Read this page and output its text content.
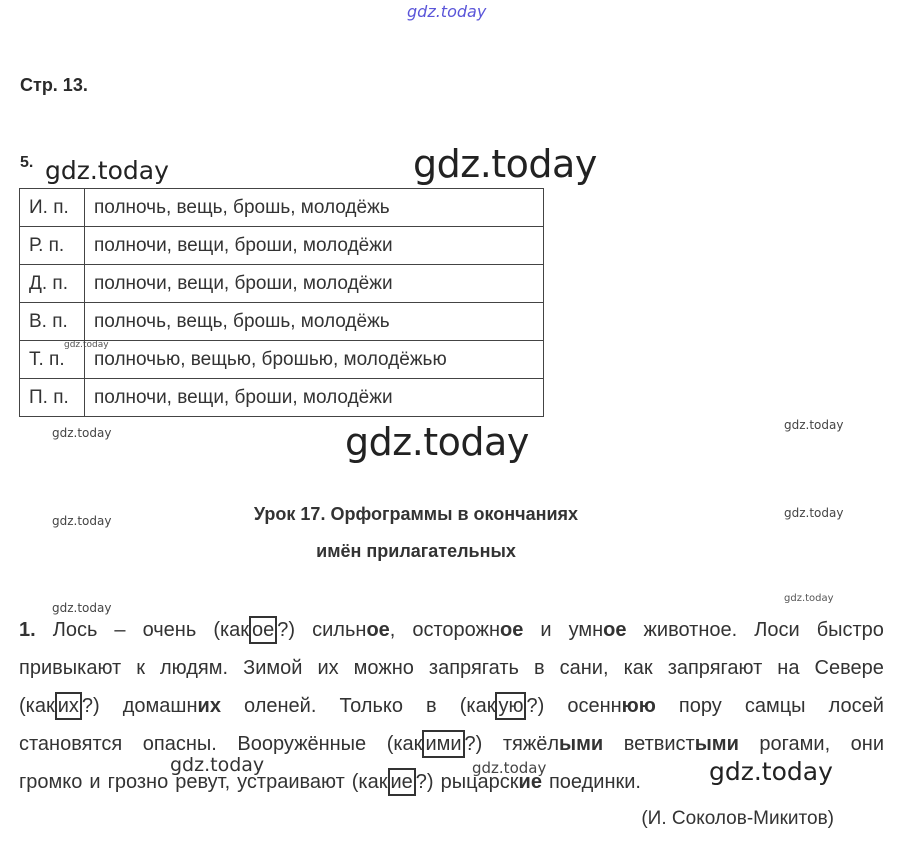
gdz.today
gdz.today	gdz.today
gdz.today
gdz.today
gdz.today	gdz.today
gdz.today
gdz.today
gdz.today
gdz.today
gdz.today
gdz.today
gdz.today
Стр. 13.
5.
И. п.	полночь, вещь, брошь, молодёжь
Р. п.	полночи, вещи, броши, молодёжи
Д. п.	полночи, вещи, броши, молодёжи
В. п.	полночь, вещь, брошь, молодёжь
Т. п.	полночью, вещью, брошью, молодёжью
П. п.	полночи, вещи, броши, молодёжи
Урок 17. Орфограммы в окончаниях
имён прилагательных
1. Лось – очень (как ое ?) сильное, осторожное и умное животное. Лоси быстро
привыкают к людям. Зимой их можно запрягать в сани, как запрягают на Севере
(как их ?) домашних оленей. Только в (как ую ?) осеннюю пору самцы лосей
становятся опасны. Вооружённые (как ими ?) тяжёлыми ветвистыми рогами, они
громко и грозно ревут, устраивают (как ие ?) рыцарские поединки.
(И. Соколов-Микитов)
